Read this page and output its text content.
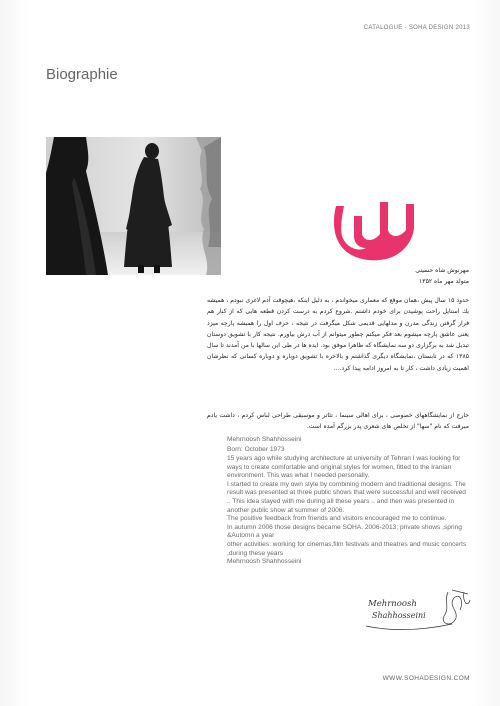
CATALOGUE - SOHA DESIGN 2013
Biographie
مهرنوش شاه حسینی
متولد مهر ماه ۱۳۵۲
حدود ۱۵ سال پیش ،همان موقع که معماری میخواندم ، به دلیل اینکه ،هیچوقت آدم لاغری نبودم ، همیشه یك استایل راحت پوشیدن برای خودم داشتم .شروع كردم به درست كردن قطعه هایی كه از كنار هم قرار گرفتن زندگی مدرن و مدلهایی قدیمی شکل میگرفت در نتیجه ، حرف اول را همیشه پارچه میزد یعنی عاشق پارچه میشوم بعد فکر میکنم چطور میتوانم از آب درش بیاورم. نتیجه کار با تشویق دوستان تبدیل شد به برگزاری دو سه نمایشگاه که ظاهرا موفق بود. ایده ها در طی این سالها با من آمدند تا سال ۱۳۸۵ که در تابستان ،نمایشگاه دیگری گذاشتم و بالاخره با تشویق دوباره و دوباره کسانی که نظرشان اهمیت زیادی داشت ، کار تا به امروز ادامه پیدا کرد....
خارج از نمایشگاههای خصوصی ، برای اهالی سینما ، تئاتر و موسیقی طراحی لباس کردم ، داشت یادم میرفت که نام "سها" از تخلص های شعری پدر بزرگم آمده است.
Mehrnoosh Shahhosseini
Born: October 1973

15 years ago while studying architecture at university of Tehran I was looking for ways to create comfortable and original styles for women, fitted to the Iranian environment. This was what I needed personally.

I started to create my own style by combining modern and traditional designs. The result was presented at three public shows that were successful and well received .. This idea stayed with me during all these years .. and then was presented in another public show at summer of 2006.

The positive feedback from friends and visitors encouraged me to continue.

In autumn 2006 those designs became SOHA. 2006-2013; private shows ,spring &Automn a year

other activities: working for cinemas,film festivals and theatres and music concerts ,during these years

Mehrnoosh Shahhosseini

Mehrnoosh
Shahhosseini
WWW.SOHADESIGN.COM
